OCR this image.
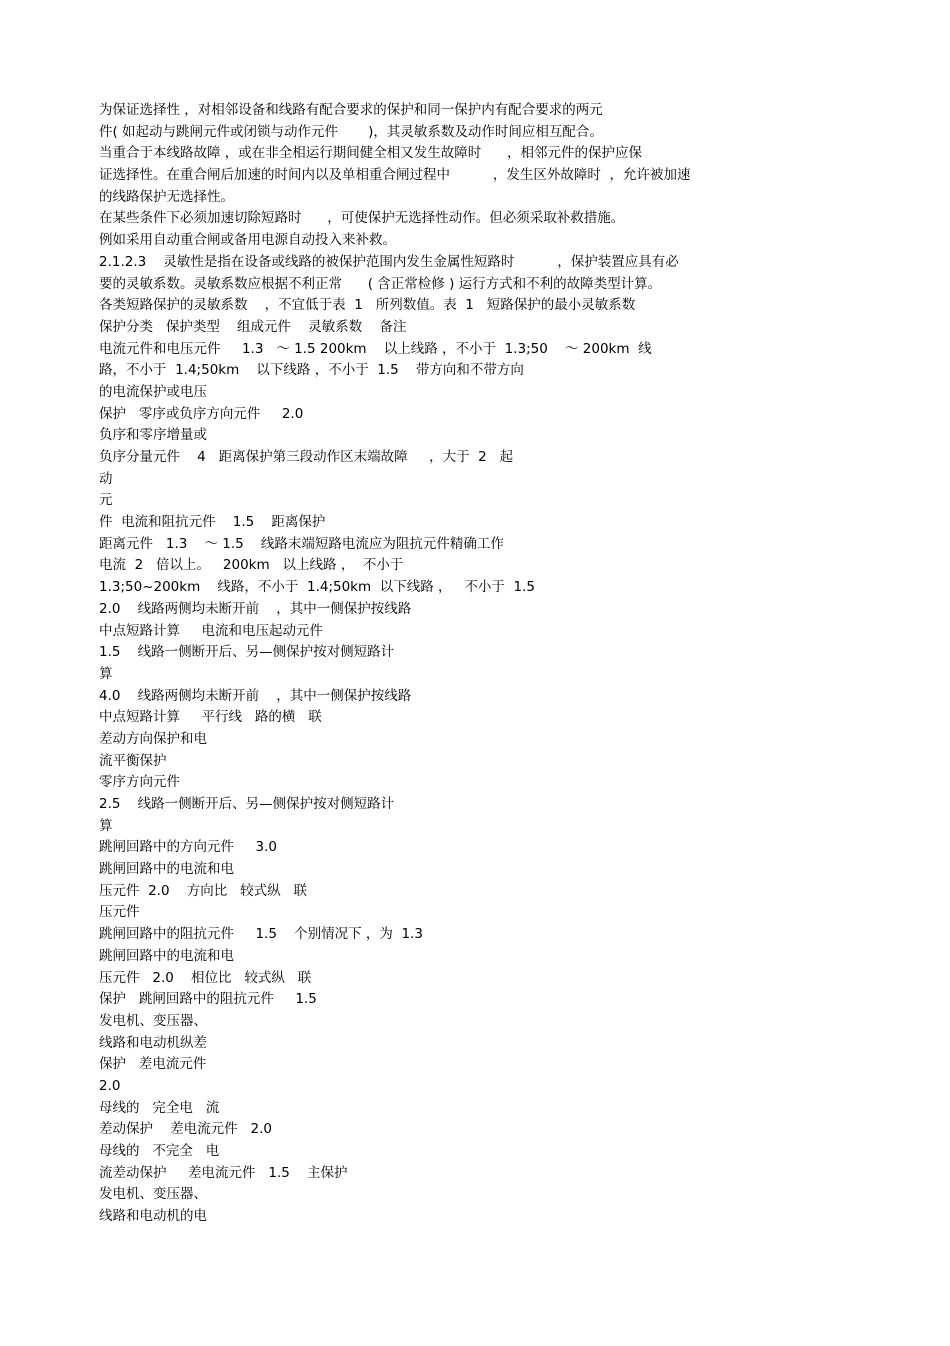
为保证选择性 ，对相邻设备和线路有配合要求的保护和同一保护内有配合要求的两元
件( 如起动与跳闸元件或闭锁与动作元件       )，其灵敏系数及动作时间应相互配合。
当重合于本线路故障 ，或在非全相运行期间健全相又发生故障时      ，相邻元件的保护应保
证选择性。在重合闸后加速的时间内以及单相重合闸过程中          ，发生区外故障时  ，允许被加速
的线路保护无选择性。
在某些条件下必须加速切除短路时      ，可使保护无选择性动作。但必须采取补救措施。
例如采用自动重合闸或备用电源自动投入来补救。
2.1.2.3    灵敏性是指在设备或线路的被保护范围内发生金属性短路时          ，保护装置应具有必
要的灵敏系数。灵敏系数应根据不利正常      ( 含正常检修 ) 运行方式和不利的故障类型计算。
各类短路保护的灵敏系数    ，不宜低于表  1   所列数值。表  1   短路保护的最小灵敏系数
保护分类   保护类型    组成元件    灵敏系数    备注
电流元件和电压元件     1.3   ～ 1.5 200km    以上线路 ，不小于  1.3;50    ～ 200km  线
路，不小于  1.4;50km    以下线路 ，不小于  1.5    带方向和不带方向
的电流保护或电压
保护   零序或负序方向元件     2.0
负序和零序增量或
负序分量元件    4   距离保护第三段动作区末端故障     ，大于  2   起
动
元
件  电流和阻抗元件    1.5    距离保护
距离元件   1.3    ～ 1.5    线路末端短路电流应为阻抗元件精确工作
电流  2   倍以上。   200km   以上线路 ，  不小于
1.3;50~200km    线路，不小于  1.4;50km  以下线路 ，   不小于  1.5
2.0    线路两侧均未断开前    ，其中一侧保护按线路
中点短路计算     电流和电压起动元件
1.5    线路一侧断开后、另—侧保护按对侧短路计
算
4.0    线路两侧均未断开前    ，其中一侧保护按线路
中点短路计算     平行线   路的横   联
差动方向保护和电
流平衡保护
零序方向元件
2.5    线路一侧断开后、另—侧保护按对侧短路计
算
跳闸回路中的方向元件     3.0
跳闸回路中的电流和电
压元件  2.0    方向比   较式纵   联
压元件
跳闸回路中的阻抗元件     1.5    个别情况下 ，为  1.3
跳闸回路中的电流和电
压元件   2.0    相位比   较式纵   联
保护   跳闸回路中的阻抗元件     1.5
发电机、变压器、
线路和电动机纵差
保护   差电流元件
2.0
母线的   完全电   流
差动保护    差电流元件   2.0
母线的   不完全   电
流差动保护     差电流元件   1.5    主保护
发电机、变压器、
线路和电动机的电
